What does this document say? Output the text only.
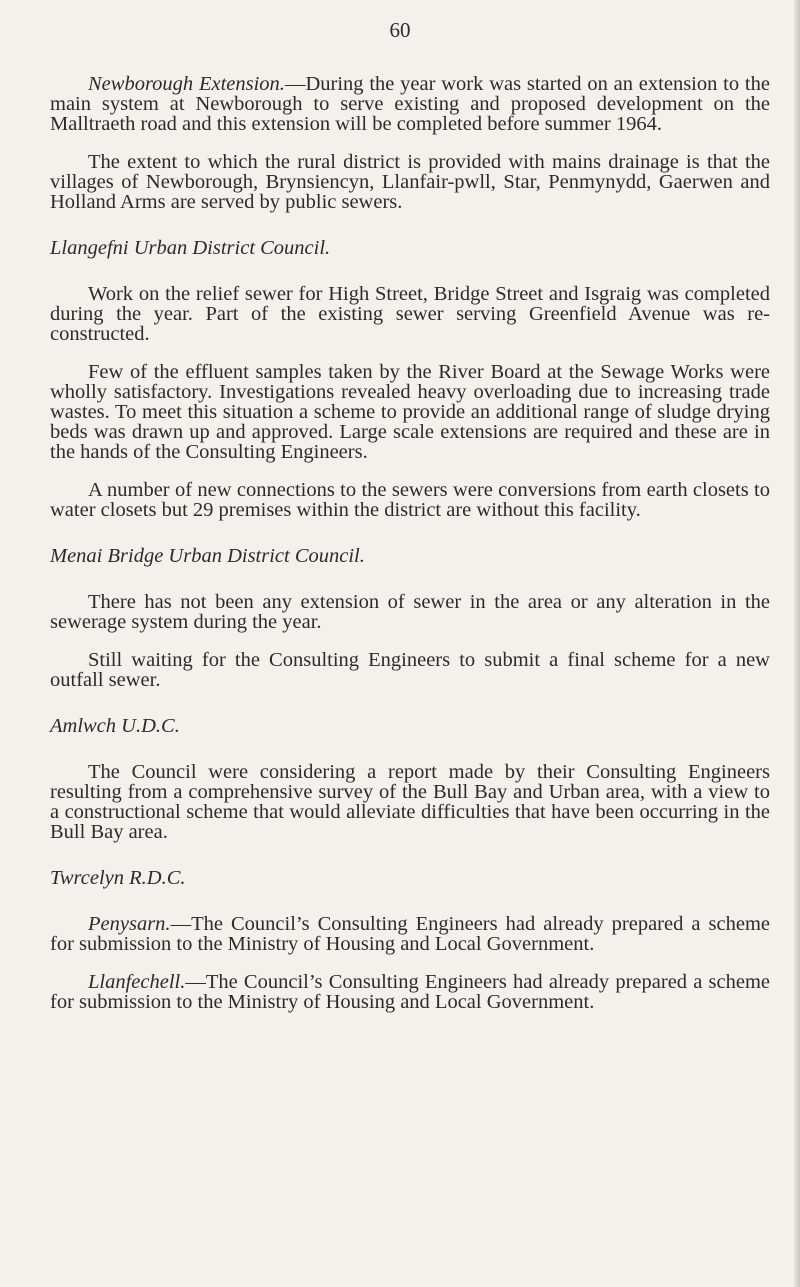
60

Newborough Extension.—During the year work was started on an extension to the main system at Newborough to serve existing and proposed development on the Malltraeth road and this extension will be completed before summer 1964.

The extent to which the rural district is provided with mains drainage is that the villages of Newborough, Brynsiencyn, Llanfair-pwll, Star, Penmynydd, Gaerwen and Holland Arms are served by public sewers.

Llangefni Urban District Council.

Work on the relief sewer for High Street, Bridge Street and Isgraig was completed during the year. Part of the existing sewer serving Greenfield Avenue was re-constructed.

Few of the effluent samples taken by the River Board at the Sewage Works were wholly satisfactory. Investigations revealed heavy overloading due to increasing trade wastes. To meet this situation a scheme to provide an additional range of sludge drying beds was drawn up and approved. Large scale extensions are required and these are in the hands of the Consulting Engineers.

A number of new connections to the sewers were conversions from earth closets to water closets but 29 premises within the district are without this facility.

Menai Bridge Urban District Council.

There has not been any extension of sewer in the area or any alteration in the sewerage system during the year.

Still waiting for the Consulting Engineers to submit a final scheme for a new outfall sewer.

Amlwch U.D.C.

The Council were considering a report made by their Consulting Engineers resulting from a comprehensive survey of the Bull Bay and Urban area, with a view to a constructional scheme that would alleviate difficulties that have been occurring in the Bull Bay area.

Twrcelyn R.D.C.

Penysarn.—The Council’s Consulting Engineers had already prepared a scheme for submission to the Ministry of Housing and Local Government.

Llanfechell.—The Council’s Consulting Engineers had already prepared a scheme for submission to the Ministry of Housing and Local Government.
